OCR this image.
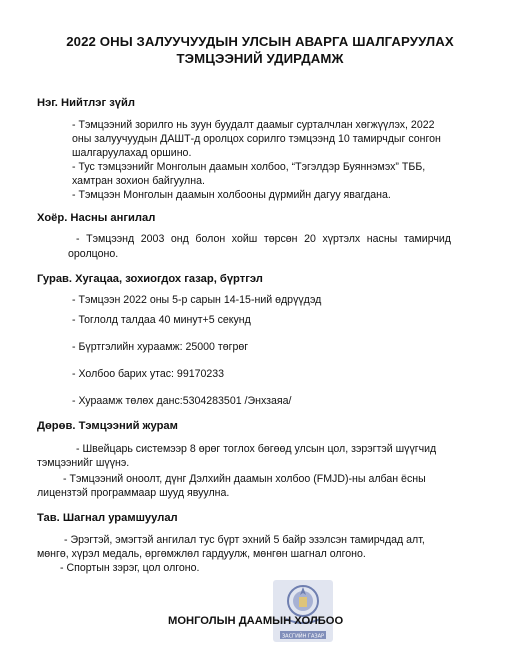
2022 ОНЫ ЗАЛУУЧУУДЫН УЛСЫН АВАРГА ШАЛГАРУУЛАХ
ТЭМЦЭЭНИЙ УДИРДАМЖ
Нэг. Нийтлэг зүйл
- Тэмцээний зорилго нь зуун буудалт даамыг сурталчлан хөгжүүлэх, 2022
оны залуучуудын ДАШТ-д оролцох сорилго тэмцээнд 10 тамирчдыг сонгон
шалгаруулахад оршино.
- Тус тэмцээнийг Монголын даамын холбоо, “Тэгэлдэр Буяннэмэх” ТББ,
хамтран зохион байгуулна.
- Тэмцээн Монголын даамын холбооны дүрмийн дагуу явагдана.
Хоёр. Насны ангилал
- Тэмцээнд 2003 онд болон хойш төрсөн 20 хүртэлх насны тамирчид оролцоно.
Гурав. Хугацаа, зохиогдох газар, бүртгэл
- Тэмцээн 2022 оны 5-р сарын 14-15-ний өдрүүдэд
- Тоглолд талдаа 40 минут+5 секунд
- Бүртгэлийн хураамж: 25000 төгрөг
- Холбоо барих утас: 99170233
- Хураамж төлөх данс:5304283501 /Энхзаяа/
Дөрөв. Тэмцээний журам
- Швейцарь системээр 8 өрөг тоглох бөгөөд улсын цол, зэрэгтэй шүүгчид
тэмцээнийг шүүнэ.
- Тэмцээний оноолт, дүнг Дэлхийн даамын холбоо (FMJD)-ны албан ёсны
лицензтэй программаар шууд явуулна.
Тав. Шагнал урамшуулал
- Эрэгтэй, эмэгтэй ангилал тус бүрт эхний 5 байр эзэлсэн тамирчдад алт,
мөнгө, хүрэл медаль, өргөмжлөл гардуулж, мөнгөн шагнал олгоно.
- Спортын зэрэг, цол олгоно.
ЗАСГИЙН ГАЗАР
МОНГОЛЫН ДААМЫН ХОЛБОО
